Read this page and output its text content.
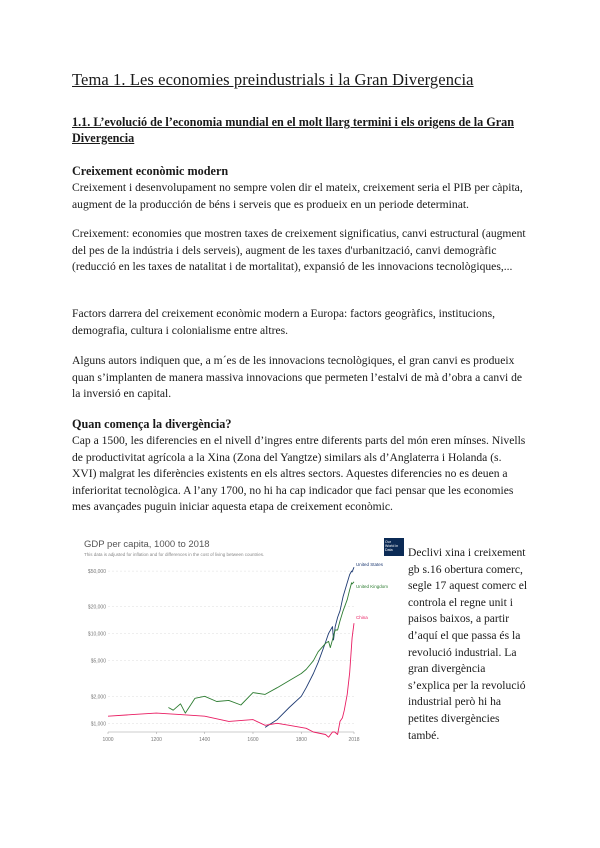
Tema 1. Les economies preindustrials i la Gran Divergencia
1.1. L’evolució de l’economia mundial en el molt llarg termini i els origens de la Gran Divergencia
Creixement econòmic modern
Creixement i desenvolupament no sempre volen dir el mateix, creixement seria el PIB per càpita, augment de la producción de béns i serveis que es produeix en un periode determinat.
Creixement: economies que mostren taxes de creixement significatius, canvi estructural (augment del pes de la indústria i dels serveis), augment de les taxes d'urbanització, canvi demogràfic (reducció en les taxes de natalitat i de mortalitat), expansió de les innovacions tecnològiques,...
Factors darrera del creixement econòmic modern a Europa: factors geogràfics, institucions, demografia, cultura i colonialisme entre altres.
Alguns autors indiquen que, a m´es de les innovacions tecnològiques, el gran canvi es produeix quan s’implanten de manera massiva innovacions que permeten l’estalvi de mà d’obra a canvi de la inversió en capital.
Quan comença la divergència?
Cap a 1500, les diferencies en el nivell d’ingres entre diferents parts del món eren mínses. Nivells de productivitat agrícola a la Xina (Zona del Yangtze) similars als d’Anglaterra i Holanda (s. XVI) malgrat les diferències existents en els altres sectors. Aquestes diferencies no es deuen a inferioritat tecnològica. A l’any 1700, no hi ha cap indicador que faci pensar que les economies mes avançades puguin iniciar aquesta etapa de creixement econòmic.
GDP per capita, 1000 to 2018
This data is adjusted for inflation and for differences in the cost of living between countries.
$1,000
$2,000
$5,000
$10,000
$20,000
$50,000
1000	1200	1400	1600	1800	2018
United States
United Kingdom
China
Our World in Data	Declivi xina i creixement gb s.16 obertura comerc, segle 17 aquest comerc el controla el regne unit i paisos baixos, a partir d’aquí el que passa és la revolució industrial. La gran divergència s’explica per la revolució industrial però hi ha petites divergències també.
